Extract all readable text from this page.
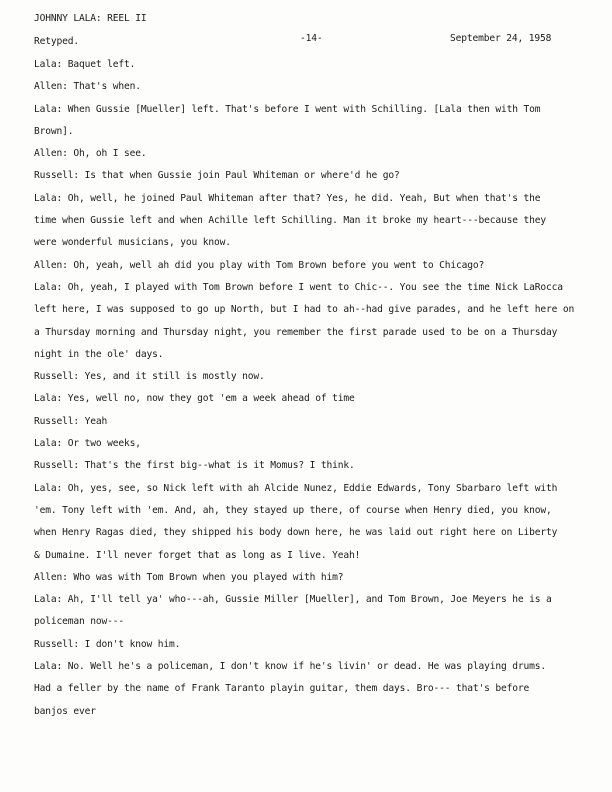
JOHNNY LALA: REEL II
Retyped.	-14-	September 24, 1958
Lala: Baquet left.
Allen: That's when.
Lala: When Gussie [Mueller] left. That's before I went with Schilling. [Lala then with Tom
Brown].
Allen: Oh, oh I see.
Russell: Is that when Gussie join Paul Whiteman or where'd he go?
Lala: Oh, well, he joined Paul Whiteman after that? Yes, he did. Yeah, But when that's the
time when Gussie left and when Achille left Schilling. Man it broke my heart---because they
were wonderful musicians, you know.
Allen: Oh, yeah, well ah did you play with Tom Brown before you went to Chicago?
Lala: Oh, yeah, I played with Tom Brown before I went to Chic--. You see the time Nick LaRocca
left here, I was supposed to go up North, but I had to ah--had give parades, and he left here on
a Thursday morning and Thursday night, you remember the first parade used to be on a Thursday
night in the ole' days.
Russell: Yes, and it still is mostly now.
Lala: Yes, well no, now they got 'em a week ahead of time
Russell: Yeah
Lala: Or two weeks,
Russell: That's the first big--what is it Momus? I think.
Lala: Oh, yes, see, so Nick left with ah Alcide Nunez, Eddie Edwards, Tony Sbarbaro left with
'em. Tony left with 'em. And, ah, they stayed up there, of course when Henry died, you know,
when Henry Ragas died, they shipped his body down here, he was laid out right here on Liberty
& Dumaine. I'll never forget that as long as I live. Yeah!
Allen: Who was with Tom Brown when you played with him?
Lala: Ah, I'll tell ya' who---ah, Gussie Miller [Mueller], and Tom Brown, Joe Meyers he is a
policeman now---
Russell: I don't know him.
Lala: No. Well he's a policeman, I don't know if he's livin' or dead. He was playing drums.
Had a feller by the name of Frank Taranto playin guitar, them days. Bro--- that's before
banjos ever
